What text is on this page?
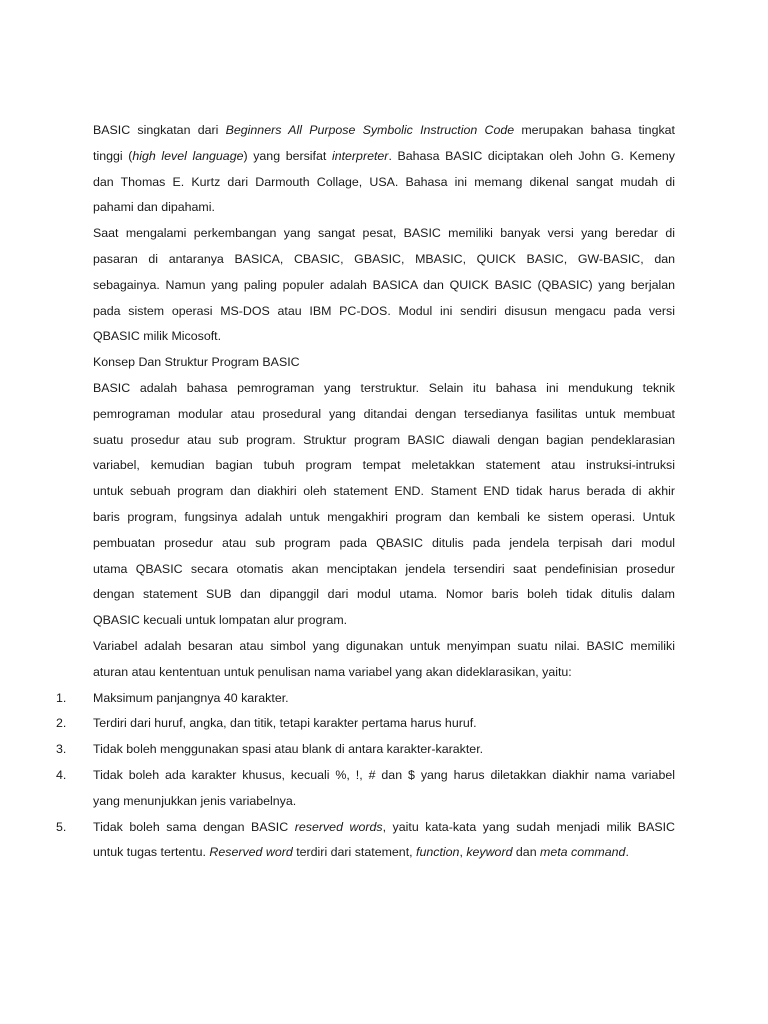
BASIC singkatan dari Beginners All Purpose Symbolic Instruction Code merupakan bahasa tingkat
tinggi (high level language) yang bersifat interpreter. Bahasa BASIC diciptakan oleh John G. Kemeny
dan Thomas E. Kurtz dari Darmouth Collage, USA. Bahasa ini memang dikenal sangat mudah di
pahami dan dipahami.

Saat mengalami perkembangan yang sangat pesat, BASIC memiliki banyak versi yang beredar di
pasaran di antaranya BASICA, CBASIC, GBASIC, MBASIC, QUICK BASIC, GW-BASIC, dan
sebagainya. Namun yang paling populer adalah BASICA dan QUICK BASIC (QBASIC) yang berjalan
pada sistem operasi MS-DOS atau IBM PC-DOS. Modul ini sendiri disusun mengacu pada versi
QBASIC milik Micosoft.

Konsep Dan Struktur Program BASIC

BASIC adalah bahasa pemrograman yang terstruktur. Selain itu bahasa ini mendukung teknik
pemrograman modular atau prosedural yang ditandai dengan tersedianya fasilitas untuk membuat
suatu prosedur atau sub program. Struktur program BASIC diawali dengan bagian pendeklarasian
variabel, kemudian bagian tubuh program tempat meletakkan statement atau instruksi-intruksi
untuk sebuah program dan diakhiri oleh statement END. Stament END tidak harus berada di akhir
baris program, fungsinya adalah untuk mengakhiri program dan kembali ke sistem operasi. Untuk
pembuatan prosedur atau sub program pada QBASIC ditulis pada jendela terpisah dari modul
utama QBASIC secara otomatis akan menciptakan jendela tersendiri saat pendefinisian prosedur
dengan statement SUB dan dipanggil dari modul utama. Nomor baris boleh tidak ditulis dalam
QBASIC kecuali untuk lompatan alur program.

Variabel adalah besaran atau simbol yang digunakan untuk menyimpan suatu nilai. BASIC memiliki
aturan atau kententuan untuk penulisan nama variabel yang akan dideklarasikan, yaitu:

1. Maksimum panjangnya 40 karakter.
2. Terdiri dari huruf, angka, dan titik, tetapi karakter pertama harus huruf.
3. Tidak boleh menggunakan spasi atau blank di antara karakter-karakter.
4. Tidak boleh ada karakter khusus, kecuali %, !, # dan $ yang harus diletakkan diakhir nama variabel
yang menunjukkan jenis variabelnya.
5. Tidak boleh sama dengan BASIC reserved words, yaitu kata-kata yang sudah menjadi milik BASIC
untuk tugas tertentu. Reserved word terdiri dari statement, function, keyword dan meta command.
